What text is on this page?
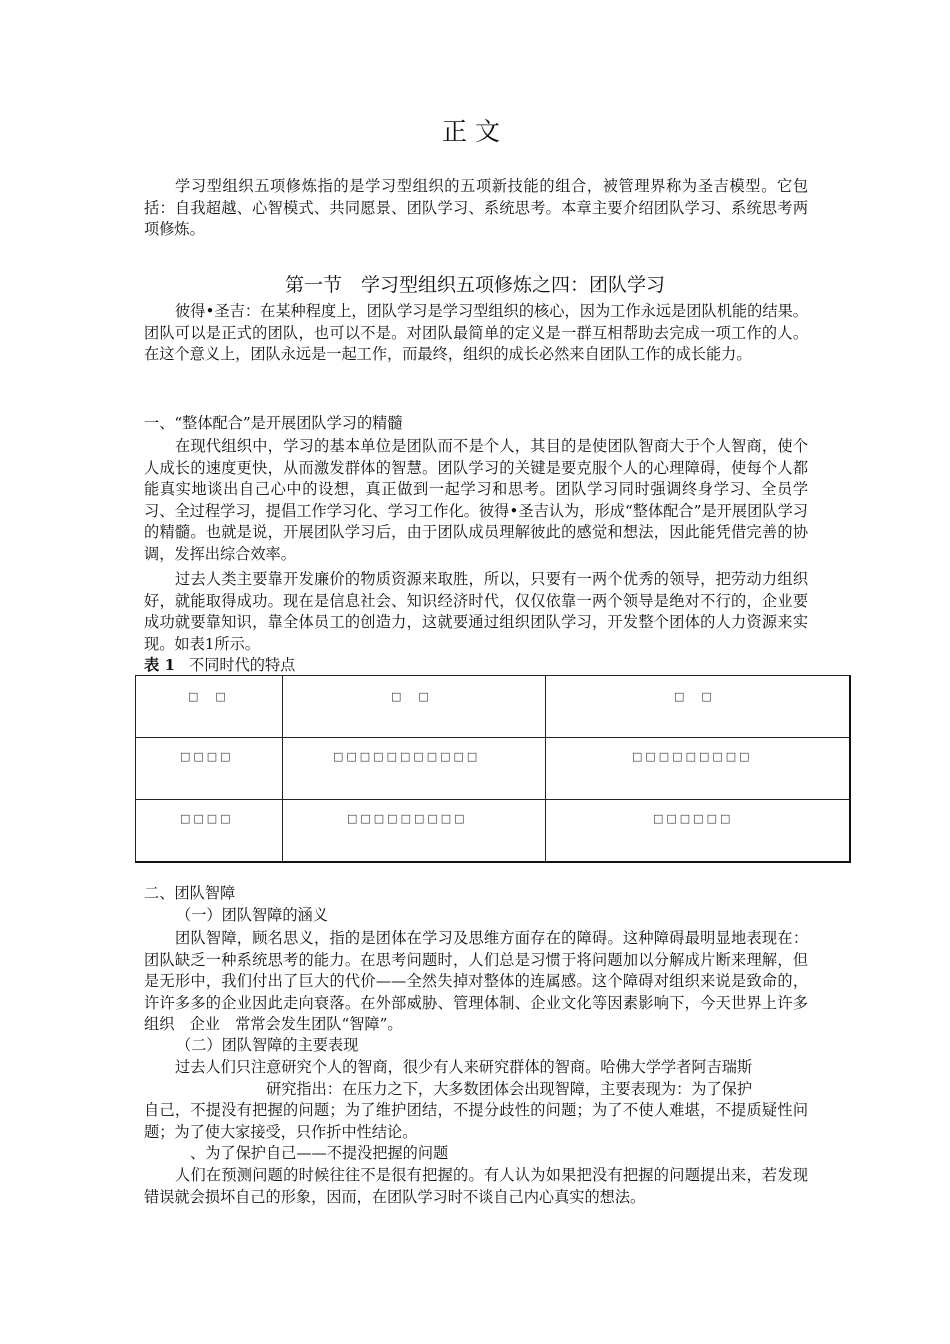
正文

学习型组织五项修炼指的是学习型组织的五项新技能的组合，被管理界称为圣吉模型。它包括：自我超越、心智模式、共同愿景、团队学习、系统思考。本章主要介绍团队学习、系统思考两项修炼。

第一节　学习型组织五项修炼之四：团队学习

彼得•圣吉：在某种程度上，团队学习是学习型组织的核心，因为工作永远是团队机能的结果。团队可以是正式的团队，也可以不是。对团队最简单的定义是一群互相帮助去完成一项工作的人。在这个意义上，团队永远是一起工作，而最终，组织的成长必然来自团队工作的成长能力。

一、“整体配合”是开展团队学习的精髓

在现代组织中，学习的基本单位是团队而不是个人，其目的是使团队智商大于个人智商，使个人成长的速度更快，从而激发群体的智慧。团队学习的关键是要克服个人的心理障碍，使每个人都能真实地谈出自己心中的设想，真正做到一起学习和思考。团队学习同时强调终身学习、全员学习、全过程学习，提倡工作学习化、学习工作化。彼得•圣吉认为，形成“整体配合”是开展团队学习的精髓。也就是说，开展团队学习后，由于团队成员理解彼此的感觉和想法，因此能凭借完善的协调，发挥出综合效率。

过去人类主要靠开发廉价的物质资源来取胜，所以，只要有一两个优秀的领导，把劳动力组织好，就能取得成功。现在是信息社会、知识经济时代，仅仅依靠一两个领导是绝对不行的，企业要成功就要靠知识，靠全体员工的创造力，这就要通过组织团队学习，开发整个团体的人力资源来实现。如表1所示。

表 1 不同时代的特点
□　□	□　□	□　□
□□□□	□□□□□□□□□□□	□□□□□□□□□
□□□□	□□□□□□□□□	□□□□□□
二、团队智障
（一）团队智障的涵义

团队智障，顾名思义，指的是团体在学习及思维方面存在的障碍。这种障碍最明显地表现在：团队缺乏一种系统思考的能力。在思考问题时，人们总是习惯于将问题加以分解成片断来理解，但是无形中，我们付出了巨大的代价——全然失掉对整体的连属感。这个障碍对组织来说是致命的，许许多多的企业因此走向衰落。在外部威胁、管理体制、企业文化等因素影响下，今天世界上许多组织　企业　常常会发生团队“智障”。

（二）团队智障的主要表现
过去人们只注意研究个人的智商，很少有人来研究群体的智商。哈佛大学学者阿吉瑞斯
研究指出：在压力之下，大多数团体会出现智障，主要表现为：为了保护

自己，不提没有把握的问题；为了维护团结，不提分歧性的问题；为了不使人难堪，不提质疑性问题；为了使大家接受，只作折中性结论。

、为了保护自己——不提没把握的问题

人们在预测问题的时候往往不是很有把握的。有人认为如果把没有把握的问题提出来，若发现错误就会损坏自己的形象，因而，在团队学习时不谈自己内心真实的想法。
